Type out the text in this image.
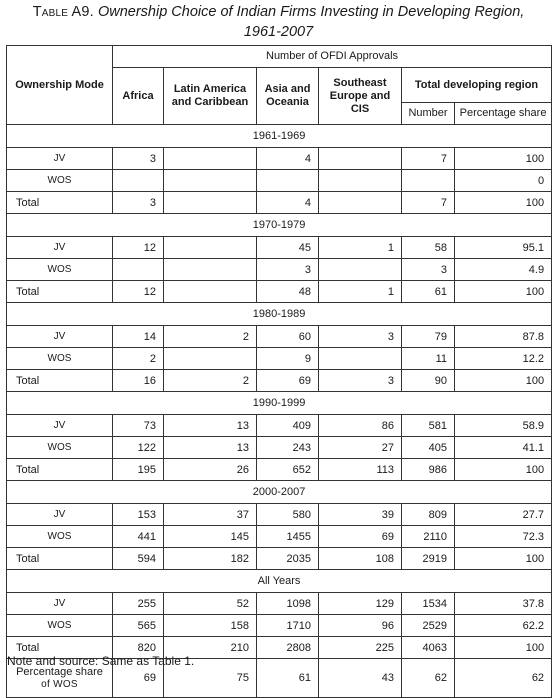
Table A9. Ownership Choice of Indian Firms Investing in Developing Region,
1961-2007
Ownership Mode	Number of OFDI Approvals					
	Africa	Latin America and Caribbean	Asia and Oceania	Southeast Europe and CIS	Total developing region	
					Number	Percentage share
1961-1969						
JV	3		4		7	100
WOS						0
Total	3		4		7	100
1970-1979						
JV	12		45	1	58	95.1
WOS			3		3	4.9
Total	12		48	1	61	100
1980-1989						
JV	14	2	60	3	79	87.8
WOS	2		9		11	12.2
Total	16	2	69	3	90	100
1990-1999						
JV	73	13	409	86	581	58.9
WOS	122	13	243	27	405	41.1
Total	195	26	652	113	986	100
2000-2007						
JV	153	37	580	39	809	27.7
WOS	441	145	1455	69	2110	72.3
Total	594	182	2035	108	2919	100
All Years						
JV	255	52	1098	129	1534	37.8
WOS	565	158	1710	96	2529	62.2
Total	820	210	2808	225	4063	100
Percentage share
of WOS	69	75	61	43	62	62
Note and source: Same as Table 1.
